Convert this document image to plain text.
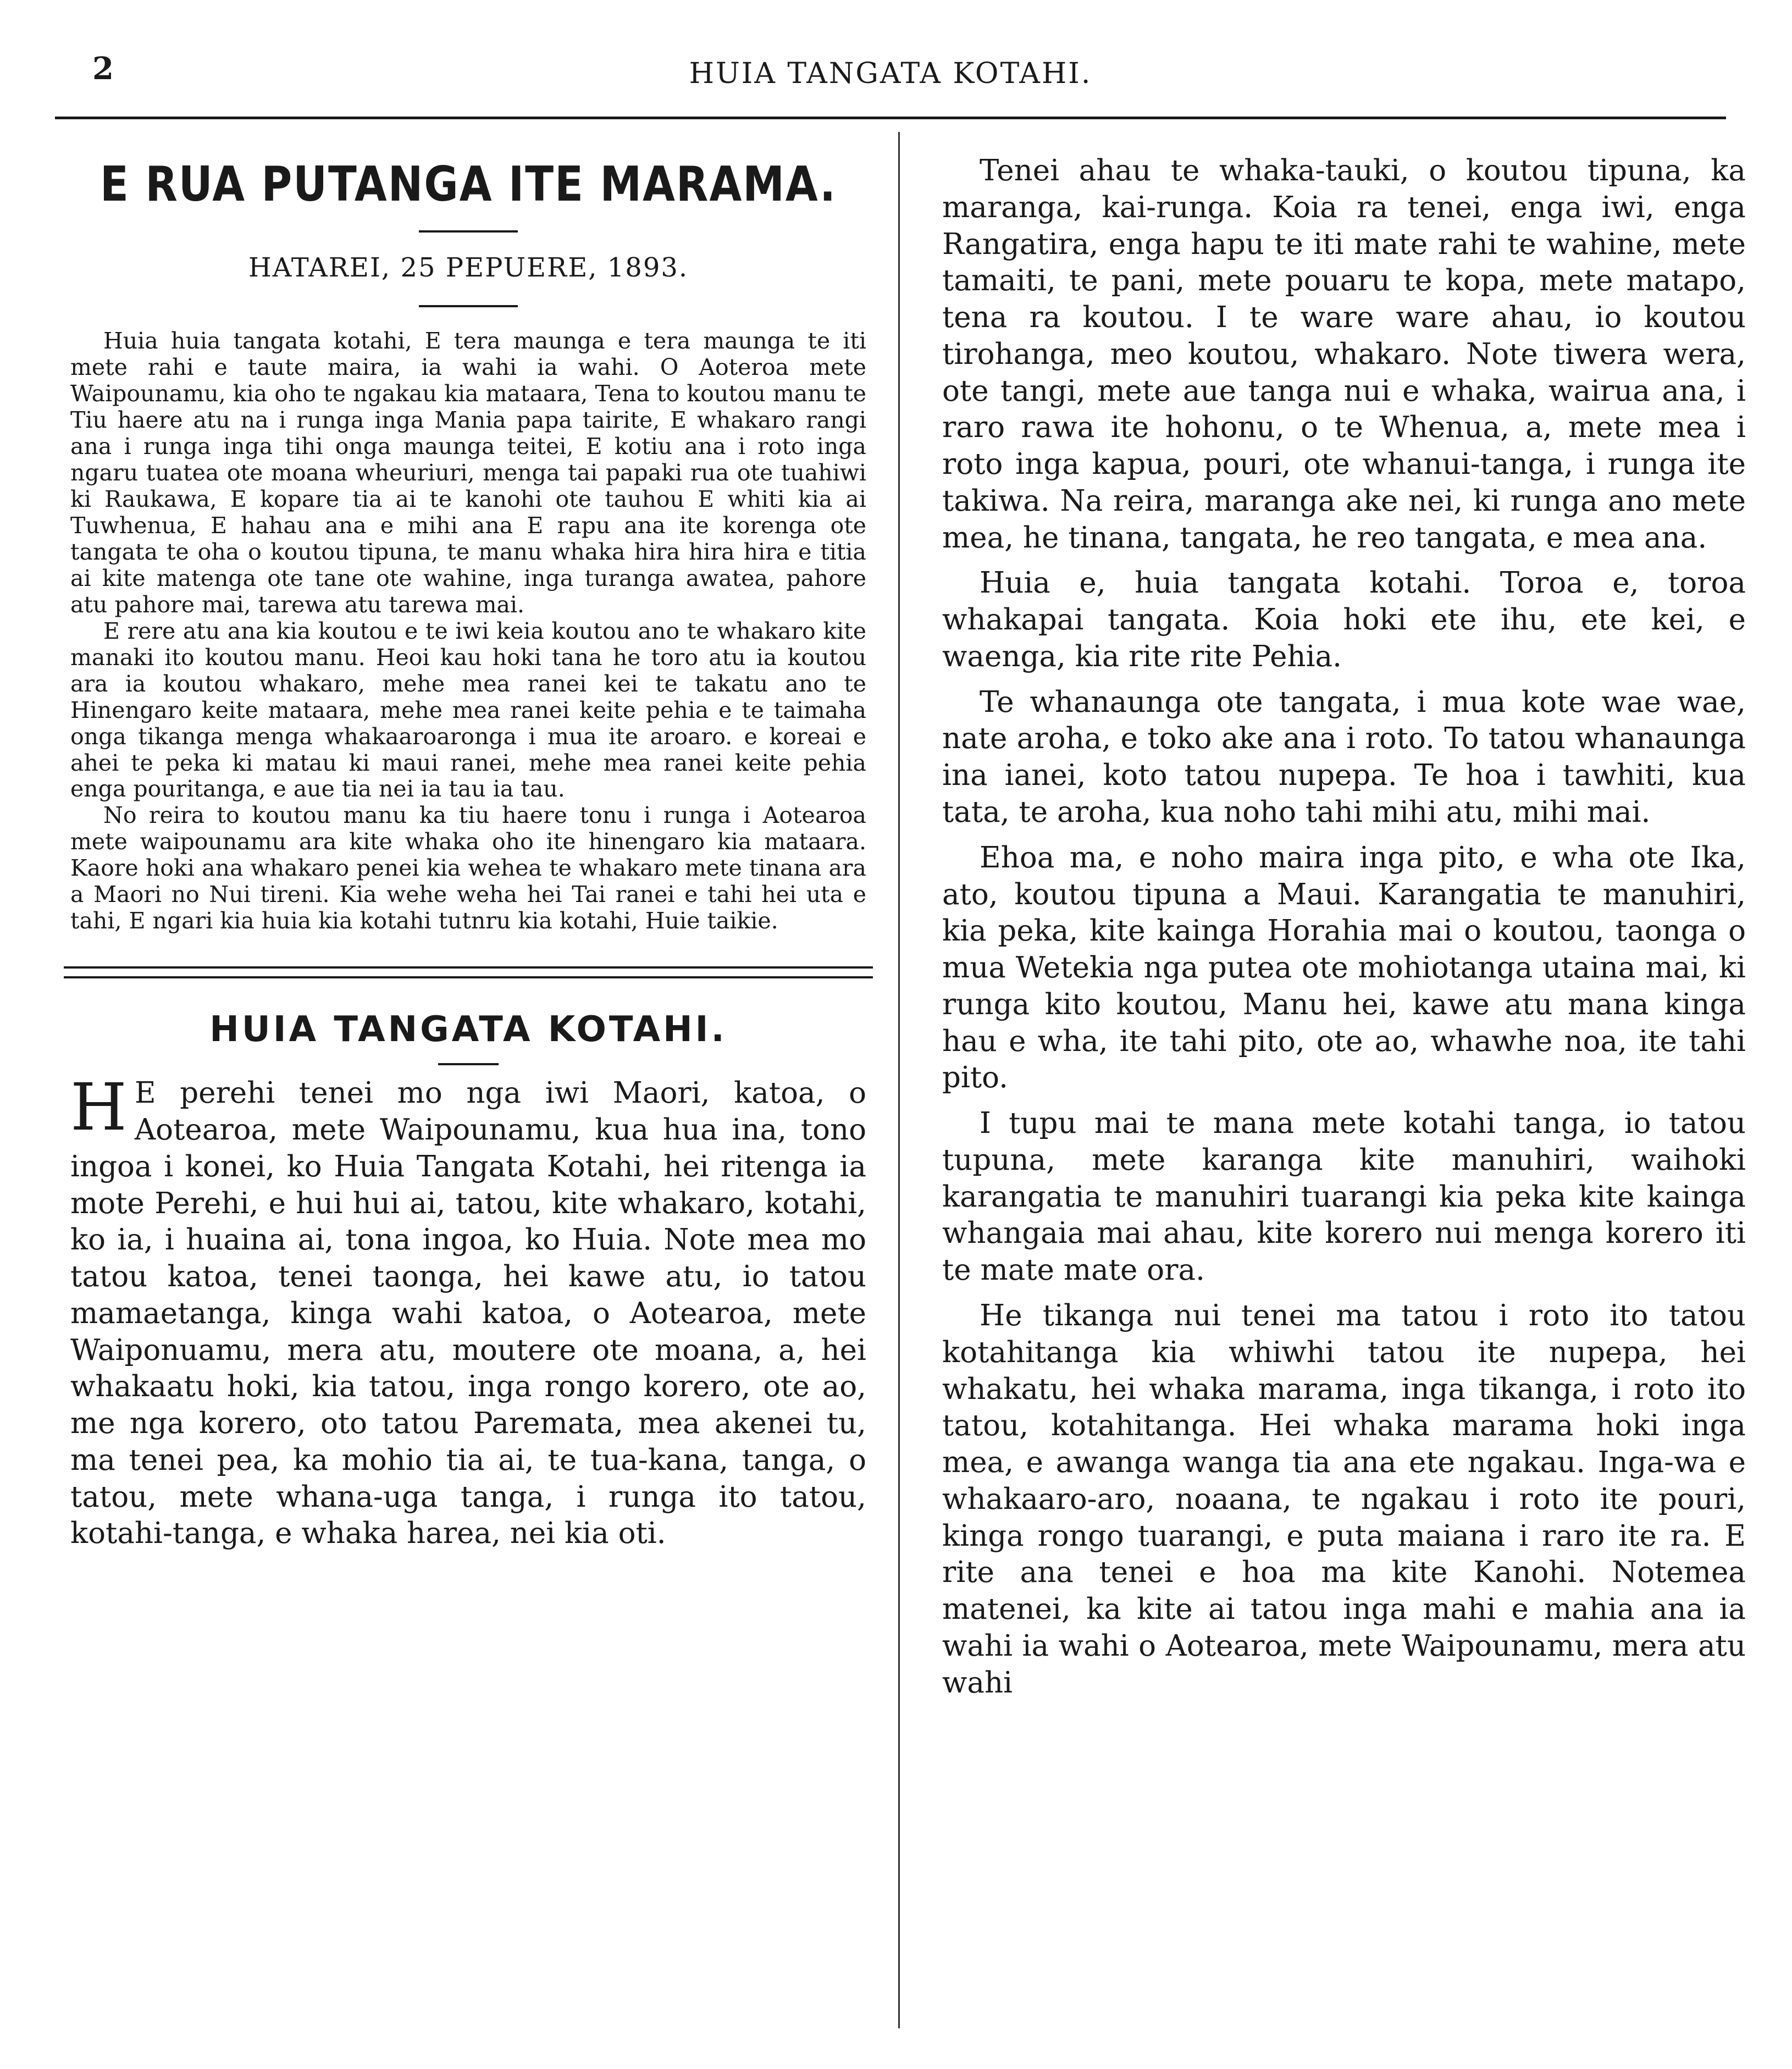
2	HUIA TANGATA KOTAHI.
E RUA PUTANGA ITE MARAMA.
HATAREI, 25 PEPUERE, 1893.

Huia huia tangata kotahi, E tera maunga e tera maunga te iti mete rahi e taute maira, ia wahi ia wahi. O Aoteroa mete Waipounamu, kia oho te ngakau kia mataara, Tena to koutou manu te Tiu haere atu na i runga inga Mania papa tairite, E whakaro rangi ana i runga inga tihi onga maunga teitei, E kotiu ana i roto inga ngaru tuatea ote moana wheuriuri, menga tai papaki rua ote tuahiwi ki Raukawa, E kopare tia ai te kanohi ote tauhou E whiti kia ai Tuwhenua, E hahau ana e mihi ana E rapu ana ite korenga ote tangata te oha o koutou tipuna, te manu whaka hira hira hira e titia ai kite matenga ote tane ote wahine, inga turanga awatea, pahore atu pahore mai, tarewa atu tarewa mai.

E rere atu ana kia koutou e te iwi keia koutou ano te whakaro kite manaki ito koutou manu. Heoi kau hoki tana he toro atu ia koutou ara ia koutou whakaro, mehe mea ranei kei te takatu ano te Hinengaro keite mataara, mehe mea ranei keite pehia e te taimaha onga tikanga menga whakaaroaronga i mua ite aroaro. e koreai e ahei te peka ki matau ki maui ranei, mehe mea ranei keite pehia enga pouritanga, e aue tia nei ia tau ia tau.

No reira to koutou manu ka tiu haere tonu i runga i Aotearoa mete waipounamu ara kite whaka oho ite hinengaro kia mataara. Kaore hoki ana whakaro penei kia wehea te whakaro mete tinana ara a Maori no Nui tireni. Kia wehe weha hei Tai ranei e tahi hei uta e tahi, E ngari kia huia kia kotahi tutnru kia kotahi, Huie taikie.

HUIA TANGATA KOTAHI.

H E perehi tenei mo nga iwi Maori, katoa, o Aotearoa, mete Waipounamu, kua hua ina, tono ingoa i konei, ko Huia Tangata Kotahi, hei ritenga ia mote Perehi, e hui hui ai, tatou, kite whakaro, kotahi, ko ia, i huaina ai, tona ingoa, ko Huia. Note mea mo tatou katoa, tenei taonga, hei kawe atu, io tatou mamaetanga, kinga wahi katoa, o Aotearoa, mete Waiponuamu, mera atu, moutere ote moana, a, hei whakaatu hoki, kia tatou, inga rongo korero, ote ao, me nga korero, oto tatou Paremata, mea akenei tu, ma tenei pea, ka mohio tia ai, te tua-kana, tanga, o tatou, mete whana-uga tanga, i runga ito tatou, kotahi-tanga, e whaka harea, nei kia oti.

Tenei ahau te whaka-tauki, o koutou tipuna, ka maranga, kai-runga. Koia ra tenei, enga iwi, enga Rangatira, enga hapu te iti mate rahi te wahine, mete tamaiti, te pani, mete pouaru te kopa, mete matapo, tena ra koutou. I te ware ware ahau, io koutou tirohanga, meo koutou, whakaro. Note tiwera wera, ote tangi, mete aue tanga nui e whaka, wairua ana, i raro rawa ite hohonu, o te Whenua, a, mete mea i roto inga kapua, pouri, ote whanui-tanga, i runga ite takiwa. Na reira, maranga ake nei, ki runga ano mete mea, he tinana, tangata, he reo tangata, e mea ana.

Huia e, huia tangata kotahi. Toroa e, toroa whakapai tangata. Koia hoki ete ihu, ete kei, e waenga, kia rite rite Pehia.

Te whanaunga ote tangata, i mua kote wae wae, nate aroha, e toko ake ana i roto. To tatou whanaunga ina ianei, koto tatou nupepa. Te hoa i tawhiti, kua tata, te aroha, kua noho tahi mihi atu, mihi mai.

Ehoa ma, e noho maira inga pito, e wha ote Ika, ato, koutou tipuna a Maui. Karangatia te manuhiri, kia peka, kite kainga Horahia mai o koutou, taonga o mua Wetekia nga putea ote mohiotanga utaina mai, ki runga kito koutou, Manu hei, kawe atu mana kinga hau e wha, ite tahi pito, ote ao, whawhe noa, ite tahi pito.

I tupu mai te mana mete kotahi tanga, io tatou tupuna, mete karanga kite manuhiri, waihoki karangatia te manuhiri tuarangi kia peka kite kainga whangaia mai ahau, kite korero nui menga korero iti te mate mate ora.

He tikanga nui tenei ma tatou i roto ito tatou kotahitanga kia whiwhi tatou ite nupepa, hei whakatu, hei whaka marama, inga tikanga, i roto ito tatou, kotahitanga. Hei whaka marama hoki inga mea, e awanga wanga tia ana ete ngakau. Inga-wa e whakaaro-aro, noaana, te ngakau i roto ite pouri, kinga rongo tuarangi, e puta maiana i raro ite ra. E rite ana tenei e hoa ma kite Kanohi. Notemea matenei, ka kite ai tatou inga mahi e mahia ana ia wahi ia wahi o Aotearoa, mete Waipounamu, mera atu wahi
